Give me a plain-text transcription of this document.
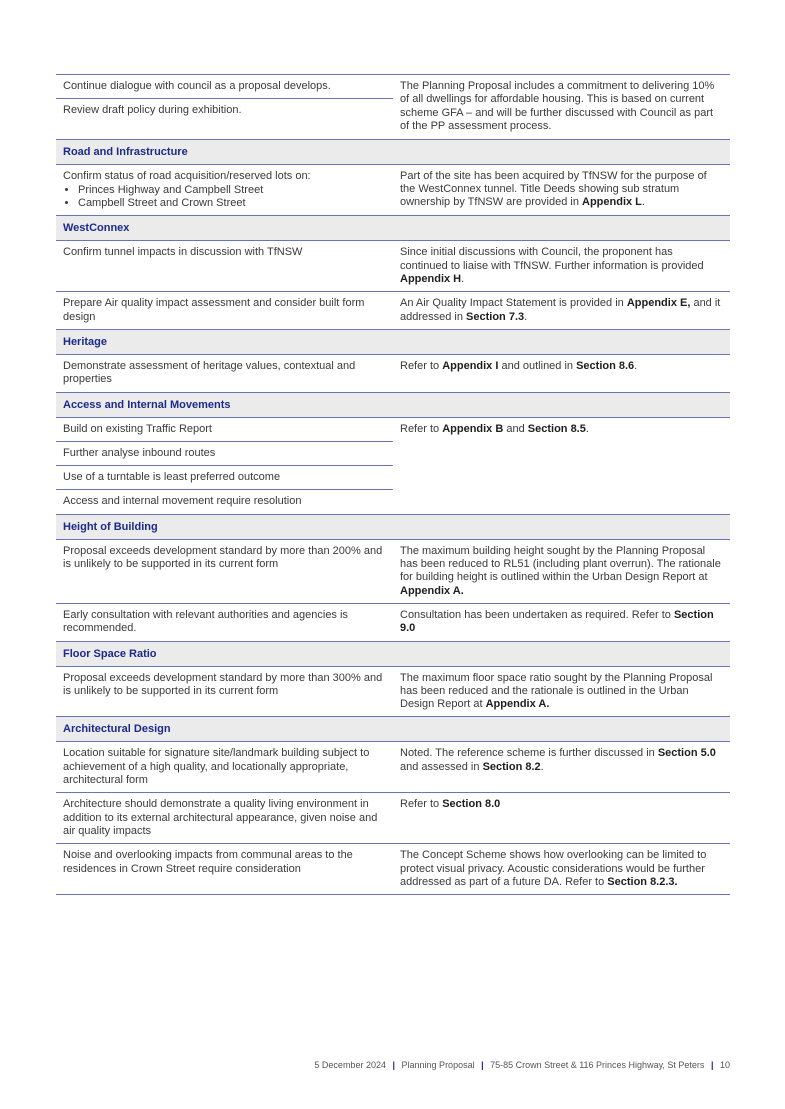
Continue dialogue with council as a proposal develops.
Review draft policy during exhibition.
The Planning Proposal includes a commitment to delivering 10% of all dwellings for affordable housing. This is based on current scheme GFA – and will be further discussed with Council as part of the PP assessment process.
Road and Infrastructure
Confirm status of road acquisition/reserved lots on:
• Princes Highway and Campbell Street
• Campbell Street and Crown Street
Part of the site has been acquired by TfNSW for the purpose of the WestConnex tunnel. Title Deeds showing sub stratum ownership by TfNSW are provided in Appendix L.
WestConnex
Confirm tunnel impacts in discussion with TfNSW	Since initial discussions with Council, the proponent has continued to liaise with TfNSW. Further information is provided Appendix H.
Prepare Air quality impact assessment and consider built form design
An Air Quality Impact Statement is provided in Appendix E, and it addressed in Section 7.3.
Heritage
Demonstrate assessment of heritage values, contextual and properties
Refer to Appendix I and outlined in Section 8.6.
Access and Internal Movements
Build on existing Traffic Report
Further analyse inbound routes
Use of a turntable is least preferred outcome
Access and internal movement require resolution
Refer to Appendix B and Section 8.5.
Height of Building
Proposal exceeds development standard by more than 200% and is unlikely to be supported in its current form
The maximum building height sought by the Planning Proposal has been reduced to RL51 (including plant overrun). The rationale for building height is outlined within the Urban Design Report at Appendix A.
Early consultation with relevant authorities and agencies is recommended.
Consultation has been undertaken as required. Refer to Section 9.0
Floor Space Ratio
Proposal exceeds development standard by more than 300% and is unlikely to be supported in its current form
The maximum floor space ratio sought by the Planning Proposal has been reduced and the rationale is outlined in the Urban Design Report at Appendix A.
Architectural Design
Location suitable for signature site/landmark building subject to achievement of a high quality, and locationally appropriate, architectural form
Noted. The reference scheme is further discussed in Section 5.0 and assessed in Section 8.2.
Architecture should demonstrate a quality living environment in addition to its external architectural appearance, given noise and air quality impacts
Refer to Section 8.0
Noise and overlooking impacts from communal areas to the residences in Crown Street require consideration
The Concept Scheme shows how overlooking can be limited to protect visual privacy. Acoustic considerations would be further addressed as part of a future DA. Refer to Section 8.2.3.
5 December 2024 | Planning Proposal | 75-85 Crown Street & 116 Princes Highway, St Peters | 10
